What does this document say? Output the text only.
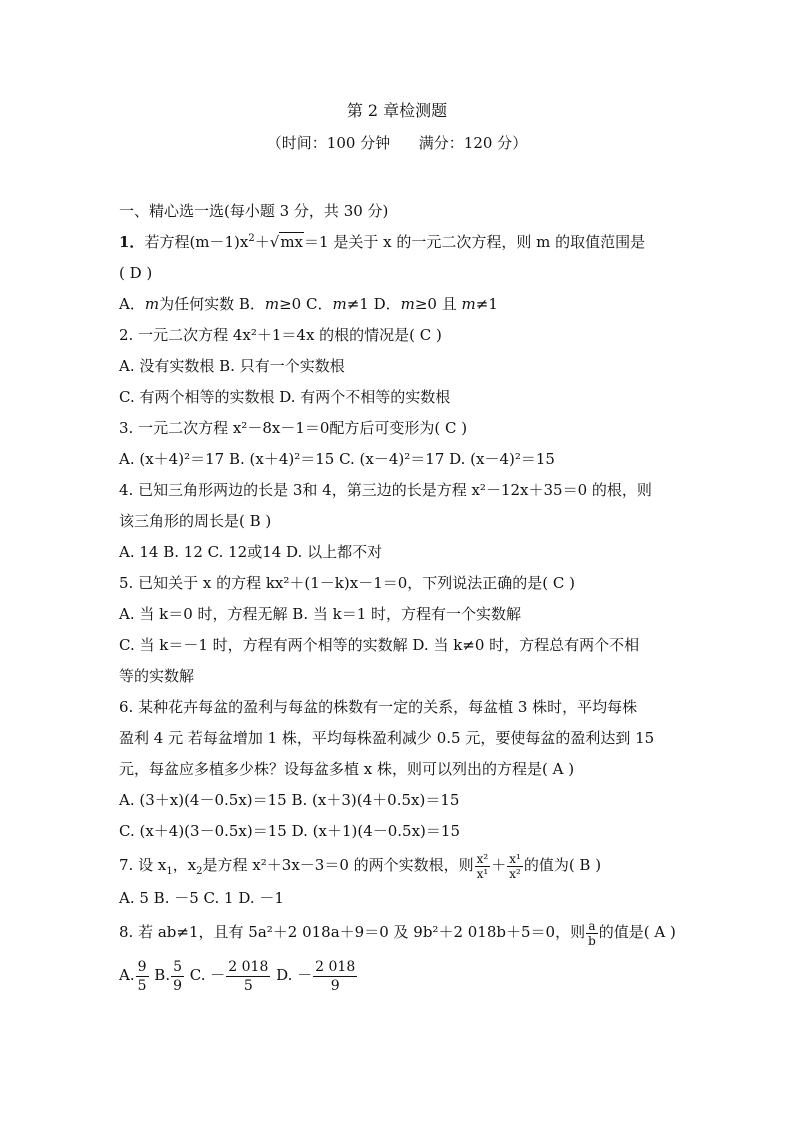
第 2 章检测题
（时间：100 分钟      满分：120 分）
一、精心选一选(每小题 3 分，共 30 分)
1．若方程$(m-1)x^2+√mx=1$ 是关于 x 的一元二次方程，则 m 的取值范围是
( D )
A．m为任何实数 B．m≥0 C．m≠1 D．m≥0 且 m≠1
2. 一元二次方程 4x²＋1＝4x 的根的情况是( C )
A. 没有实数根 B. 只有一个实数根
C. 有两个相等的实数根 D. 有两个不相等的实数根
3. 一元二次方程 x²－8x－1＝0配方后可变形为( C )
A. (x＋4)²＝17 B. (x＋4)²＝15 C. (x－4)²＝17 D. (x－4)²＝15
4. 已知三角形两边的长是 3和 4，第三边的长是方程 x²－12x＋35＝0 的根，则
该三角形的周长是( B )
A. 14 B. 12 C. 12或14 D. 以上都不对
5. 已知关于 x 的方程 kx²＋(1－k)x－1＝0，下列说法正确的是( C )
A. 当 k＝0 时，方程无解 B. 当 k＝1 时，方程有一个实数解
C. 当 k＝－1 时，方程有两个相等的实数解 D. 当 k≠0 时，方程总有两个不相
等的实数解
6. 某种花卉每盆的盈利与每盆的株数有一定的关系，每盆植 3 株时，平均每株
盈利 4 元 若每盆增加 1 株，平均每株盈利减少 0.5 元，要使每盆的盈利达到 15
元，每盆应多植多少株？设每盆多植 x 株，则可以列出的方程是( A )
A. (3＋x)(4－0.5x)＝15 B. (x＋3)(4＋0.5x)＝15
C. (x＋4)(3－0.5x)＝15 D. (x＋1)(4－0.5x)＝15
7. 设 $x_1$，$x_2$是方程 x²＋3x－3＝0 的两个实数根，则 $\frac{\text{x²}}{\text{x¹}} + \frac{\text{x¹}}{\text{x²}}$ 的值为( B )
A. 5 B. －5 C. 1 D. －1
8. 若 ab≠1，且有 5a²＋2 018a＋9＝0 及 9b²＋2 018b＋5＝0，则 $\frac{a}{b}$ 的值是( A )
A. $\frac{9}{5} B$. $\frac{5}{9} C$. － $\frac{2 018}{5} D$. － $\frac{2 018}{9}$
